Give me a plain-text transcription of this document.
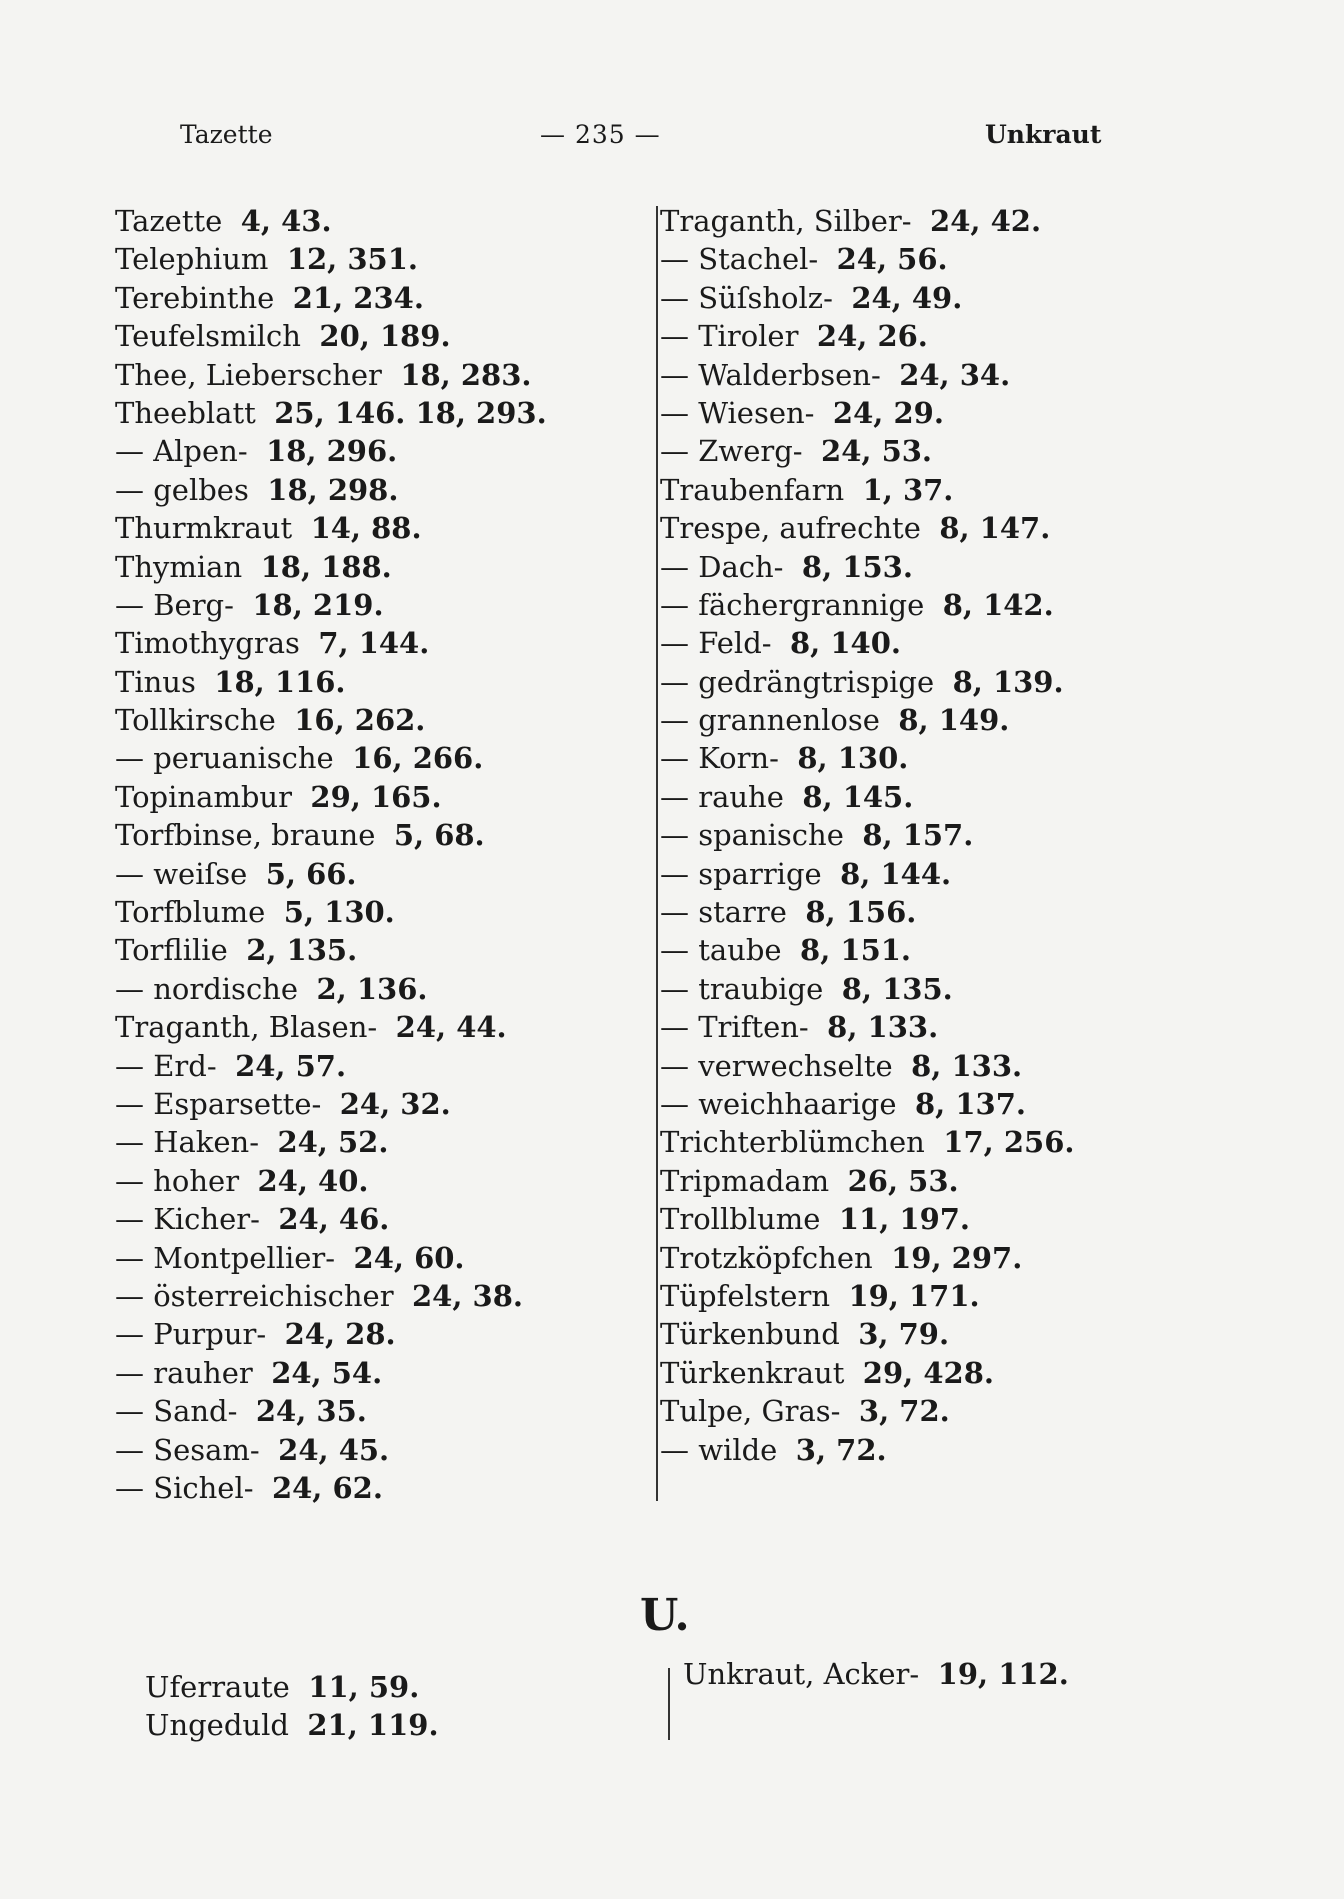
Tazette	— 235 —	Unkraut
Tazette 4, 43.
Telephium 12, 351.
Terebinthe 21, 234.
Teufelsmilch 20, 189.
Thee, Lieberscher 18, 283.
Theeblatt 25, 146. 18, 293.
— Alpen- 18, 296.
— gelbes 18, 298.
Thurmkraut 14, 88.
Thymian 18, 188.
— Berg- 18, 219.
Timothygras 7, 144.
Tinus 18, 116.
Tollkirsche 16, 262.
— peruanische 16, 266.
Topinambur 29, 165.
Torfbinse, braune 5, 68.
— weiſse 5, 66.
Torfblume 5, 130.
Torflilie 2, 135.
— nordische 2, 136.
Traganth, Blasen- 24, 44.
— Erd- 24, 57.
— Esparsette- 24, 32.
— Haken- 24, 52.
— hoher 24, 40.
— Kicher- 24, 46.
— Montpellier- 24, 60.
— österreichischer 24, 38.
— Purpur- 24, 28.
— rauher 24, 54.
— Sand- 24, 35.
— Sesam- 24, 45.
— Sichel- 24, 62.
Traganth, Silber- 24, 42.
— Stachel- 24, 56.
— Süſsholz- 24, 49.
— Tiroler 24, 26.
— Walderbsen- 24, 34.
— Wiesen- 24, 29.
— Zwerg- 24, 53.
Traubenfarn 1, 37.
Trespe, aufrechte 8, 147.
— Dach- 8, 153.
— fächergrannige 8, 142.
— Feld- 8, 140.
— gedrängtrispige 8, 139.
— grannenlose 8, 149.
— Korn- 8, 130.
— rauhe 8, 145.
— spanische 8, 157.
— sparrige 8, 144.
— starre 8, 156.
— taube 8, 151.
— traubige 8, 135.
— Triften- 8, 133.
— verwechselte 8, 133.
— weichhaarige 8, 137.
Trichterblümchen 17, 256.
Tripmadam 26, 53.
Trollblume 11, 197.
Trotzköpfchen 19, 297.
Tüpfelstern 19, 171.
Türkenbund 3, 79.
Türkenkraut 29, 428.
Tulpe, Gras- 3, 72.
— wilde 3, 72.
U.
Uferraute 11, 59.
Ungeduld 21, 119.
Unkraut, Acker- 19, 112.
